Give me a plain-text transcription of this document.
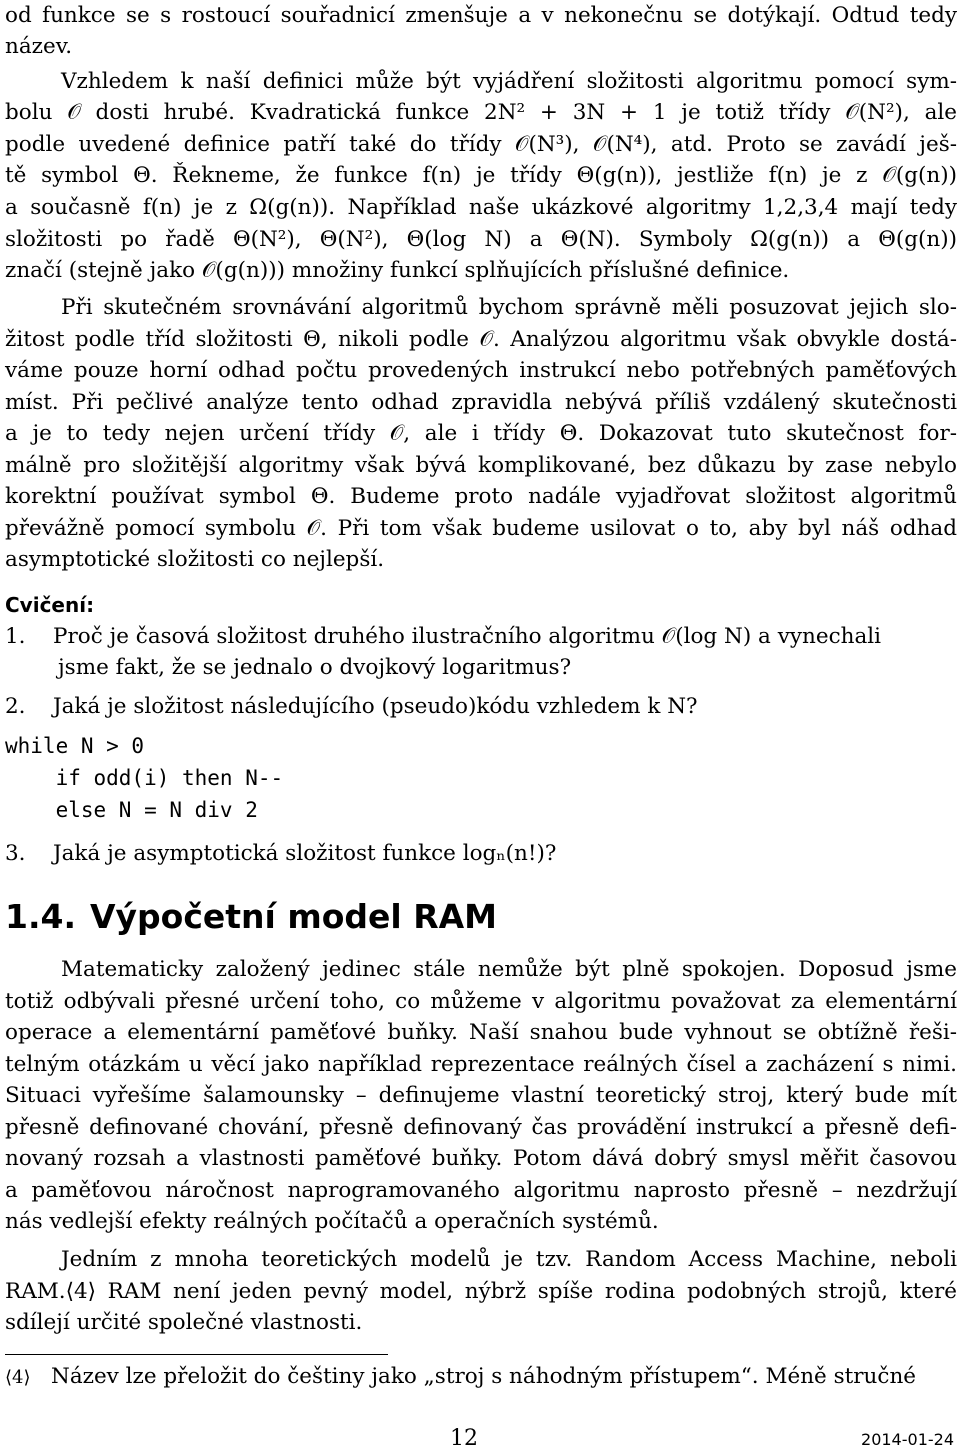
od funkce se s rostoucí souřadnicí zmenšuje a v nekonečnu se dotýkají. Odtud tedy
název.
Vzhledem k naší definici může být vyjádření složitosti algoritmu pomocí sym-
bolu 𝒪 dosti hrubé. Kvadratická funkce 2N² + 3N + 1 je totiž třídy 𝒪(N²), ale
podle uvedené definice patří také do třídy 𝒪(N³), 𝒪(N⁴), atd. Proto se zavádí ješ-
tě symbol Θ. Řekneme, že funkce f(n) je třídy Θ(g(n)), jestliže f(n) je z 𝒪(g(n))
a současně f(n) je z Ω(g(n)). Například naše ukázkové algoritmy 1,2,3,4 mají tedy
složitosti po řadě Θ(N²), Θ(N²), Θ(log N) a Θ(N). Symboly Ω(g(n)) a Θ(g(n))
značí (stejně jako 𝒪(g(n))) množiny funkcí splňujících příslušné definice.
Při skutečném srovnávání algoritmů bychom správně měli posuzovat jejich slo-
žitost podle tříd složitosti Θ, nikoli podle 𝒪. Analýzou algoritmu však obvykle dostá-
váme pouze horní odhad počtu provedených instrukcí nebo potřebných paměťových
míst. Při pečlivé analýze tento odhad zpravidla nebývá příliš vzdálený skutečnosti
a je to tedy nejen určení třídy 𝒪, ale i třídy Θ. Dokazovat tuto skutečnost for-
málně pro složitější algoritmy však bývá komplikované, bez důkazu by zase nebylo
korektní používat symbol Θ. Budeme proto nadále vyjadřovat složitost algoritmů
převážně pomocí symbolu 𝒪. Při tom však budeme usilovat o to, aby byl náš odhad
asymptotické složitosti co nejlepší.
Cvičení:
1. Proč je časová složitost druhého ilustračního algoritmu 𝒪(log N) a vynechali
jsme fakt, že se jednalo o dvojkový logaritmus?
2. Jaká je složitost následujícího (pseudo)kódu vzhledem k N?
while N > 0
if odd(i) then N--
else N = N div 2
3. Jaká je asymptotická složitost funkce logₙ(n!)?
1.4. Výpočetní model RAM
Matematicky založený jedinec stále nemůže být plně spokojen. Doposud jsme
totiž odbývali přesné určení toho, co můžeme v algoritmu považovat za elementární
operace a elementární paměťové buňky. Naší snahou bude vyhnout se obtížně řeši-
telným otázkám u věcí jako například reprezentace reálných čísel a zacházení s nimi.
Situaci vyřešíme šalamounsky – definujeme vlastní teoretický stroj, který bude mít
přesně definované chování, přesně definovaný čas provádění instrukcí a přesně defi-
novaný rozsah a vlastnosti paměťové buňky. Potom dává dobrý smysl měřit časovou
a paměťovou náročnost naprogramovaného algoritmu naprosto přesně – nezdržují
nás vedlejší efekty reálných počítačů a operačních systémů.
Jedním z mnoha teoretických modelů je tzv. Random Access Machine, neboli
RAM.⟨4⟩ RAM není jeden pevný model, nýbrž spíše rodina podobných strojů, které
sdílejí určité společné vlastnosti.
⟨4⟩ Název lze přeložit do češtiny jako „stroj s náhodným přístupem“. Méně stručné
12	2014-01-24
